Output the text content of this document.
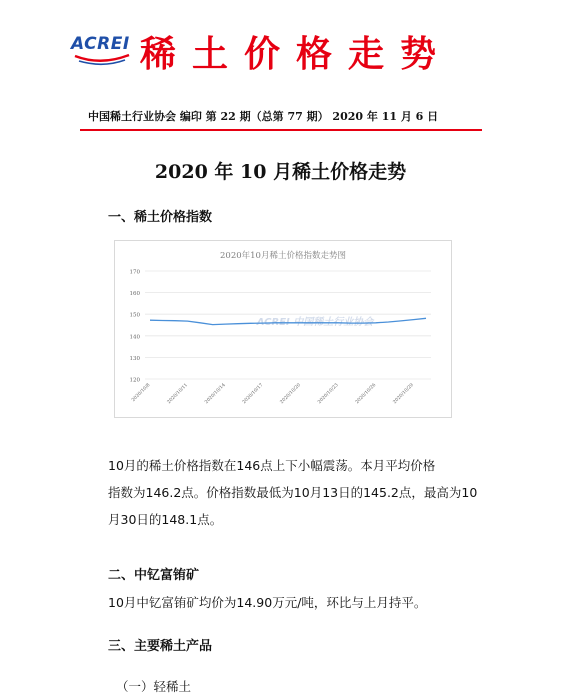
ACREI 稀土价格走势
中国稀土行业协会 编印 第 22 期（总第 77 期） 2020 年 11 月 6 日
2020 年 10 月稀土价格走势
一、稀土价格指数
2020年10月稀土价格指数走势图
ACREI 中国稀土行业协会
170
160
150
140
130
120
2020/10/8	2020/10/11	2020/10/14	2020/10/17	2020/10/20	2020/10/23	2020/10/26	2020/10/29
10月的稀土价格指数在146点上下小幅震荡。本月平均价格
指数为146.2点。价格指数最低为10月13日的145.2点，最高为10
月30日的148.1点。
二、中钇富铕矿
10月中钇富铕矿均价为14.90万元/吨，环比与上月持平。
三、主要稀土产品
（一）轻稀土
